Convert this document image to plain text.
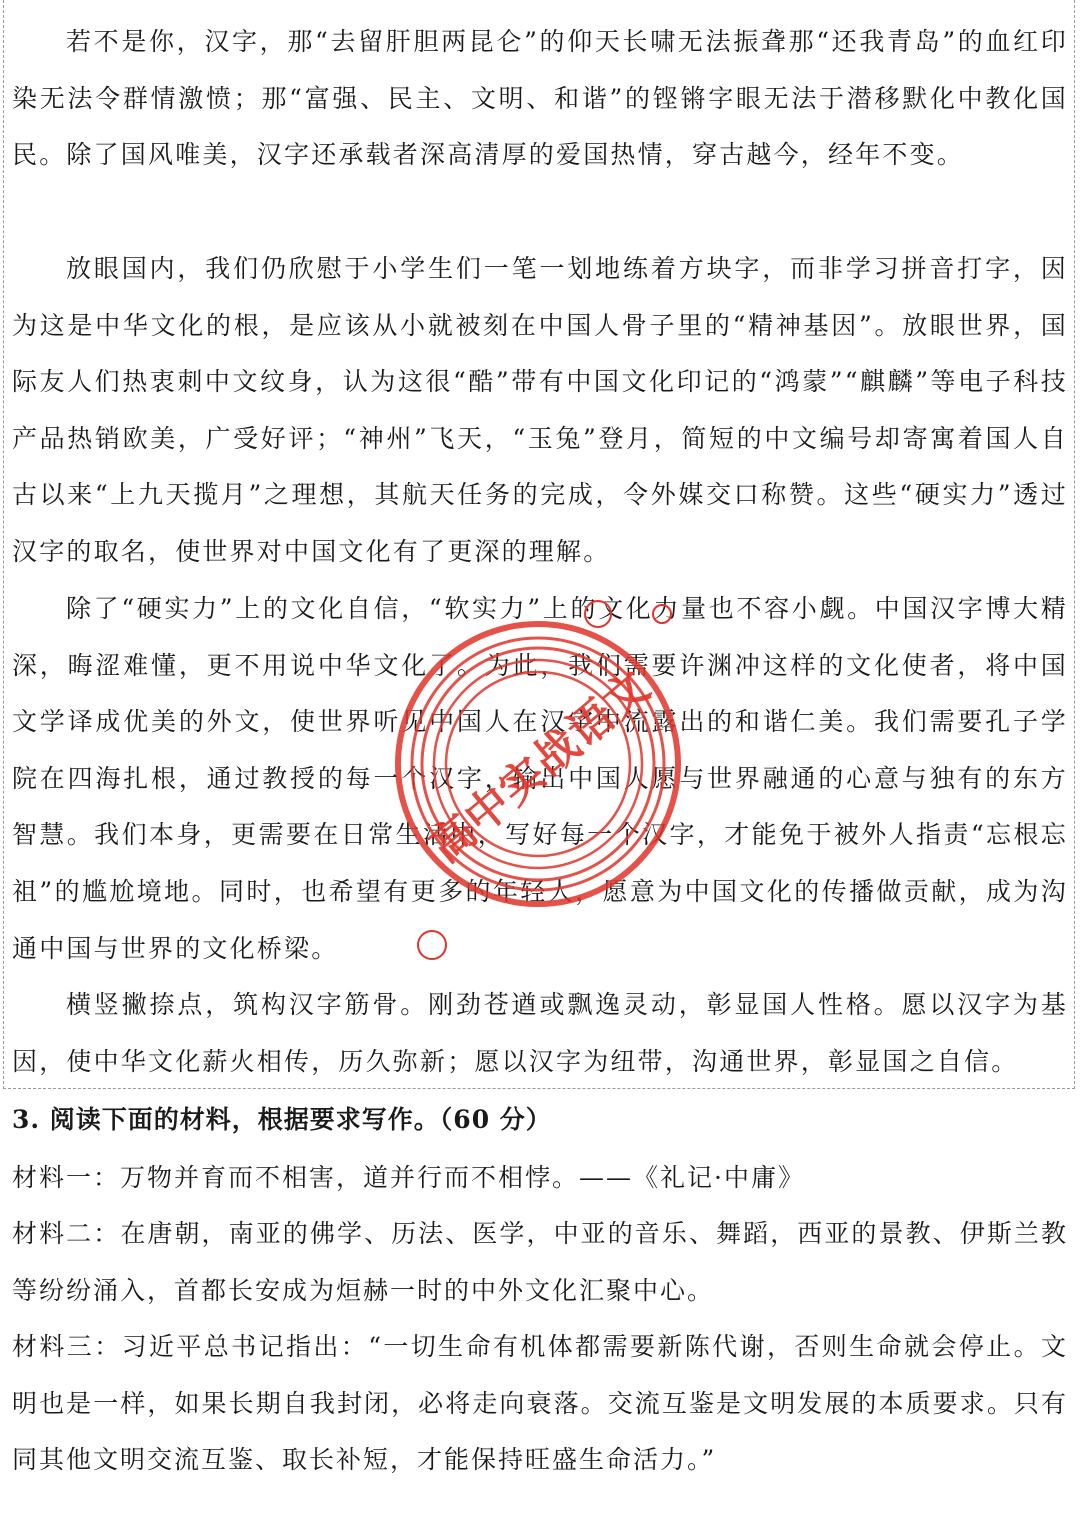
若不是你，汉字，那“去留肝胆两昆仑”的仰天长啸无法振聋那“还我青岛”的血红印染无法令群情激愤；那“富强、民主、文明、和谐”的铿锵字眼无法于潜移默化中教化国民。除了国风唯美，汉字还承载者深高清厚的爱国热情，穿古越今，经年不变。

放眼国内，我们仍欣慰于小学生们一笔一划地练着方块字，而非学习拼音打字，因为这是中华文化的根，是应该从小就被刻在中国人骨子里的“精神基因”。放眼世界，国际友人们热衷刺中文纹身，认为这很“酷”带有中国文化印记的“鸿蒙”“麒麟”等电子科技产品热销欧美，广受好评；“神州”飞天，“玉兔”登月，简短的中文编号却寄寓着国人自古以来“上九天揽月”之理想，其航天任务的完成，令外媒交口称赞。这些“硬实力”透过汉字的取名，使世界对中国文化有了更深的理解。

除了“硬实力”上的文化自信，“软实力”上的文化力量也不容小觑。中国汉字博大精深，晦涩难懂，更不用说中华文化了。为此，我们需要许渊冲这样的文化使者，将中国文学译成优美的外文，使世界听见中国人在汉字中流露出的和谐仁美。我们需要孔子学院在四海扎根，通过教授的每一个汉字，输出中国人愿与世界融通的心意与独有的东方智慧。我们本身，更需要在日常生活中，写好每一个汉字，才能免于被外人指责“忘根忘祖”的尴尬境地。同时，也希望有更多的年轻人，愿意为中国文化的传播做贡献，成为沟通中国与世界的文化桥梁。

横竖撇捺点，筑构汉字筋骨。刚劲苍遒或飘逸灵动，彰显国人性格。愿以汉字为基因，使中华文化薪火相传，历久弥新；愿以汉字为纽带，沟通世界，彰显国之自信。

高中实战语文

3. 阅读下面的材料，根据要求写作。（60 分）

材料一：万物并育而不相害，道并行而不相悖。——《礼记·中庸》

材料二：在唐朝，南亚的佛学、历法、医学，中亚的音乐、舞蹈，西亚的景教、伊斯兰教等纷纷涌入，首都长安成为烜赫一时的中外文化汇聚中心。

材料三：习近平总书记指出：“一切生命有机体都需要新陈代谢，否则生命就会停止。文明也是一样，如果长期自我封闭，必将走向衰落。交流互鉴是文明发展的本质要求。只有同其他文明交流互鉴、取长补短，才能保持旺盛生命活力。”
